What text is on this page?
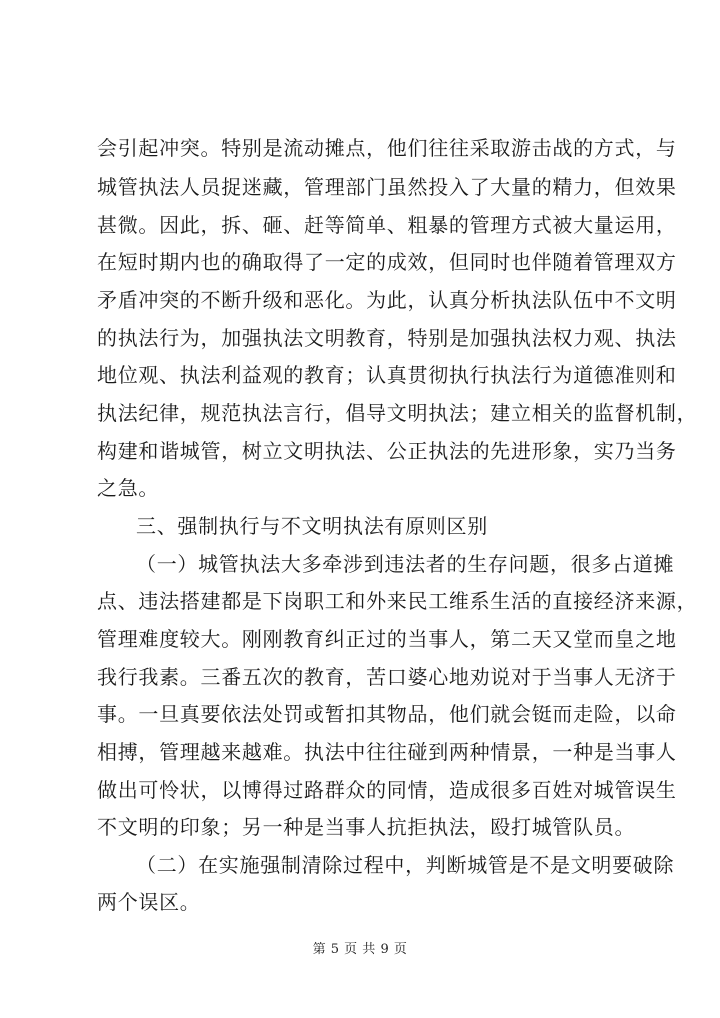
会引起冲突。特别是流动摊点，他们往往采取游击战的方式，与
城管执法人员捉迷藏，管理部门虽然投入了大量的精力，但效果
甚微。因此，拆、砸、赶等简单、粗暴的管理方式被大量运用，
在短时期内也的确取得了一定的成效，但同时也伴随着管理双方
矛盾冲突的不断升级和恶化。为此，认真分析执法队伍中不文明
的执法行为，加强执法文明教育，特别是加强执法权力观、执法
地位观、执法利益观的教育；认真贯彻执行执法行为道德准则和
执法纪律，规范执法言行，倡导文明执法；建立相关的监督机制，
构建和谐城管，树立文明执法、公正执法的先进形象，实乃当务
之急。
三、强制执行与不文明执法有原则区别
（一）城管执法大多牵涉到违法者的生存问题，很多占道摊
点、违法搭建都是下岗职工和外来民工维系生活的直接经济来源，
管理难度较大。刚刚教育纠正过的当事人，第二天又堂而皇之地
我行我素。三番五次的教育，苦口婆心地劝说对于当事人无济于
事。一旦真要依法处罚或暂扣其物品，他们就会铤而走险，以命
相搏，管理越来越难。执法中往往碰到两种情景，一种是当事人
做出可怜状，以博得过路群众的同情，造成很多百姓对城管误生
不文明的印象；另一种是当事人抗拒执法，殴打城管队员。
（二）在实施强制清除过程中，判断城管是不是文明要破除
两个误区。
第 5 页 共 9 页
